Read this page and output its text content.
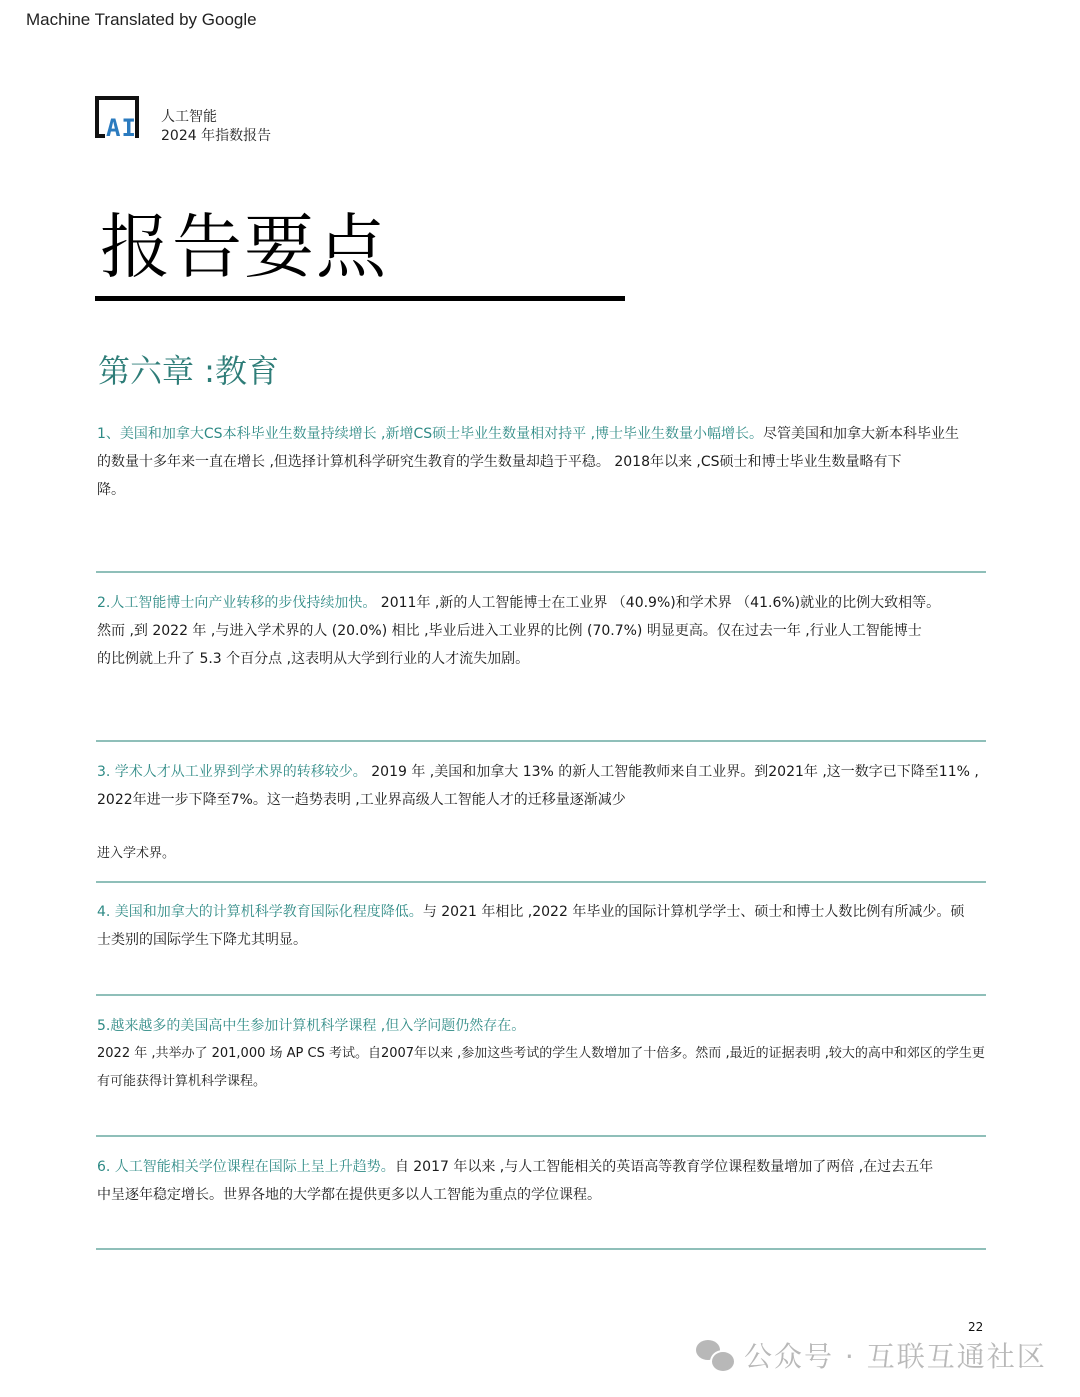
Machine Translated by Google
AI 人工智能
2024 年指数报告
报告要点
第六章 :教育

1、美国和加拿大CS本科毕业生数量持续增长 ,新增CS硕士毕业生数量相对持平 ,博士毕业生数量小幅增长。尽管美国和加拿大新本科毕业生

的数量十多年来一直在增长 ,但选择计算机科学研究生教育的学生数量却趋于平稳。 2018年以来 ,CS硕士和博士毕业生数量略有下

降。

2.人工智能博士向产业转移的步伐持续加快。 2011年 ,新的人工智能博士在工业界 （40.9%)和学术界 （41.6%)就业的比例大致相等。

然而 ,到 2022 年 ,与进入学术界的人 (20.0%) 相比 ,毕业后进入工业界的比例 (70.7%) 明显更高。仅在过去一年 ,行业人工智能博士

的比例就上升了 5.3 个百分点 ,这表明从大学到行业的人才流失加剧。

3. 学术人才从工业界到学术界的转移较少。 2019 年 ,美国和加拿大 13% 的新人工智能教师来自工业界。到2021年 ,这一数字已下降至11% ,

2022年进一步下降至7%。这一趋势表明 ,工业界高级人工智能人才的迁移量逐渐减少

进入学术界。

4. 美国和加拿大的计算机科学教育国际化程度降低。与 2021 年相比 ,2022 年毕业的国际计算机学学士、硕士和博士人数比例有所减少。硕

士类别的国际学生下降尤其明显。

5.越来越多的美国高中生参加计算机科学课程 ,但入学问题仍然存在。

2022 年 ,共举办了 201,000 场 AP CS 考试。自2007年以来 ,参加这些考试的学生人数增加了十倍多。然而 ,最近的证据表明 ,较大的高中和郊区的学生更

有可能获得计算机科学课程。

6. 人工智能相关学位课程在国际上呈上升趋势。自 2017 年以来 ,与人工智能相关的英语高等教育学位课程数量增加了两倍 ,在过去五年

中呈逐年稳定增长。世界各地的大学都在提供更多以人工智能为重点的学位课程。

22
公众号 · 互联互通社区
